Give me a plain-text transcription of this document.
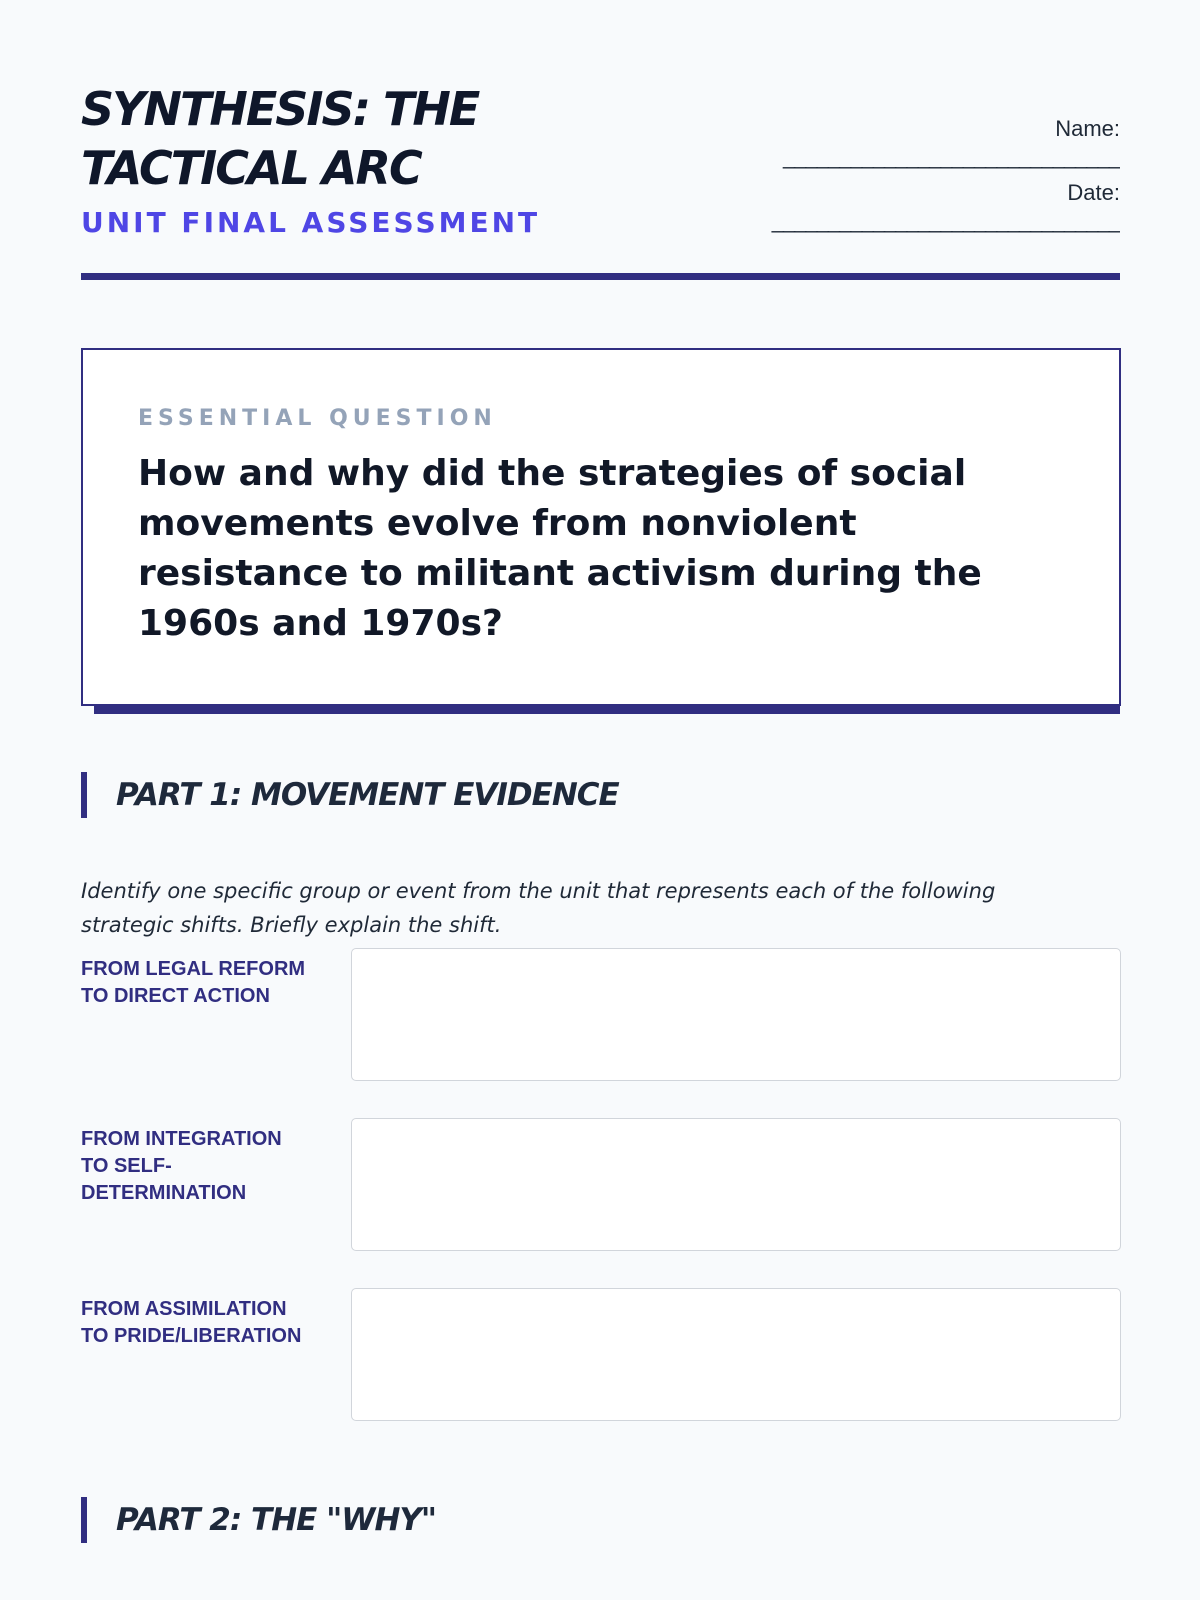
SYNTHESIS: THE TACTICAL ARC
UNIT FINAL ASSESSMENT
Name:
______________________________
Date:
_______________________________
ESSENTIAL QUESTION
How and why did the strategies of social movements evolve from nonviolent resistance to militant activism during the 1960s and 1970s?
PART 1: MOVEMENT EVIDENCE

Identify one specific group or event from the unit that represents each of the following strategic shifts. Briefly explain the shift.

FROM LEGAL REFORM TO DIRECT ACTION
FROM INTEGRATION TO SELF-DETERMINATION
FROM ASSIMILATION TO PRIDE/LIBERATION
PART 2: THE "WHY"
